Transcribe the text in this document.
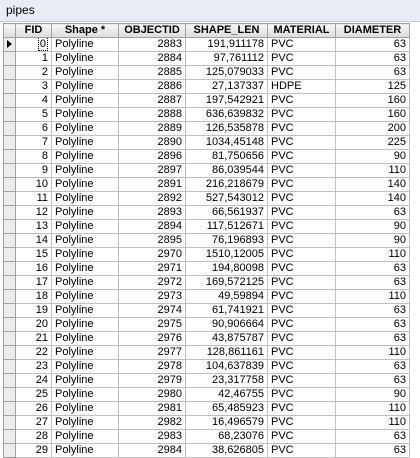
pipes
	FID	Shape *	OBJECTID	SHAPE_LEN	MATERIAL	DIAMETER
	0	Polyline	2883	191,911178	PVC	63
	1	Polyline	2884	97,761112	PVC	63
	2	Polyline	2885	125,079033	PVC	63
	3	Polyline	2886	27,137337	HDPE	125
	4	Polyline	2887	197,542921	PVC	160
	5	Polyline	2888	636,639832	PVC	160
	6	Polyline	2889	126,535878	PVC	200
	7	Polyline	2890	1034,45148	PVC	225
	8	Polyline	2896	81,750656	PVC	90
	9	Polyline	2897	86,039544	PVC	110
	10	Polyline	2891	216,218679	PVC	140
	11	Polyline	2892	527,543012	PVC	140
	12	Polyline	2893	66,561937	PVC	63
	13	Polyline	2894	117,512671	PVC	90
	14	Polyline	2895	76,196893	PVC	90
	15	Polyline	2970	1510,12005	PVC	110
	16	Polyline	2971	194,80098	PVC	63
	17	Polyline	2972	169,572125	PVC	63
	18	Polyline	2973	49,59894	PVC	110
	19	Polyline	2974	61,741921	PVC	63
	20	Polyline	2975	90,906664	PVC	63
	21	Polyline	2976	43,875787	PVC	63
	22	Polyline	2977	128,861161	PVC	110
	23	Polyline	2978	104,637839	PVC	63
	24	Polyline	2979	23,317758	PVC	63
	25	Polyline	2980	42,46755	PVC	90
	26	Polyline	2981	65,485923	PVC	110
	27	Polyline	2982	16,496579	PVC	110
	28	Polyline	2983	68,23076	PVC	63
	29	Polyline	2984	38,626805	PVC	63
